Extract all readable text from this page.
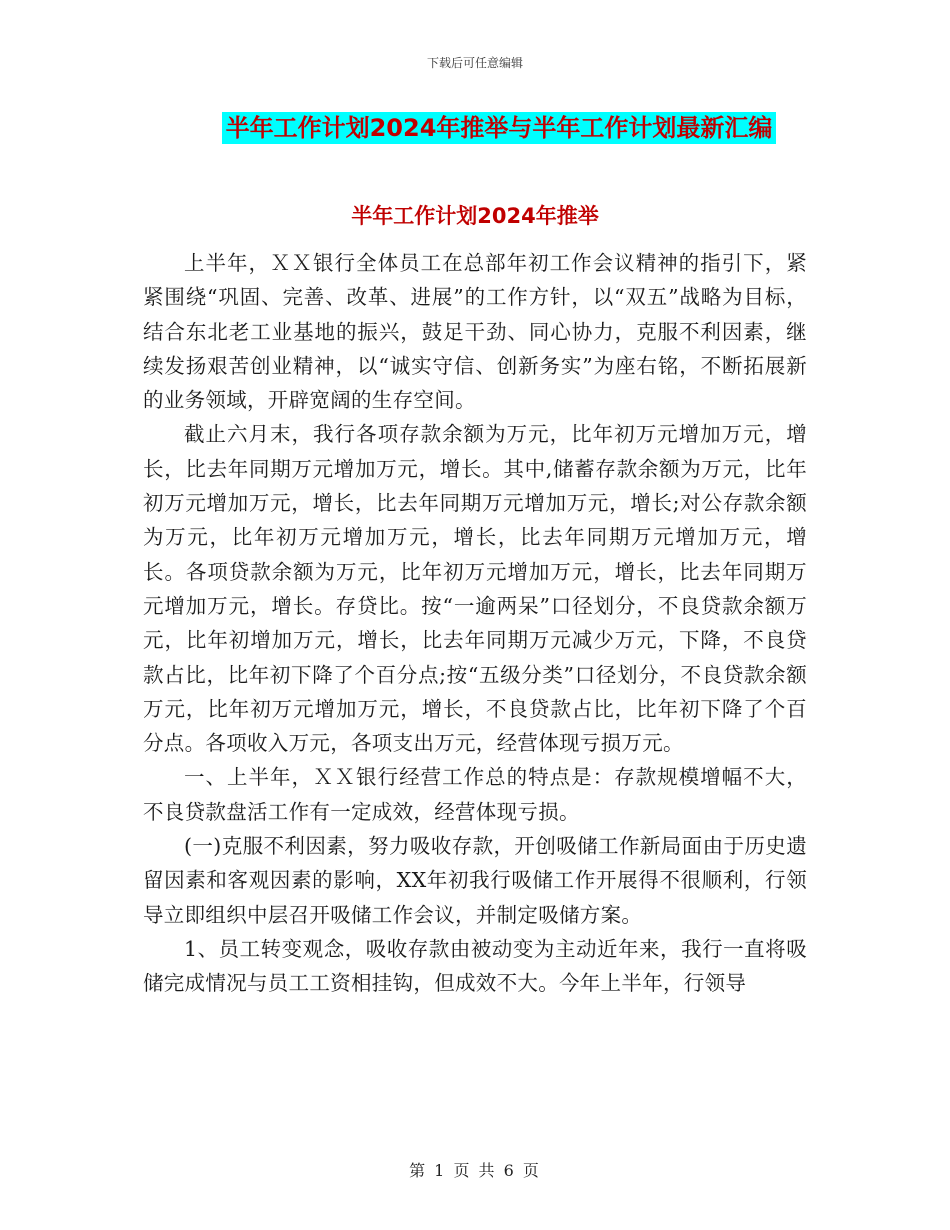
下载后可任意编辑
半年工作计划2024年推举与半年工作计划最新汇编
半年工作计划2024年推举

上半年，ＸＸ银行全体员工在总部年初工作会议精神的指引下，紧紧围绕“巩固、完善、改革、进展”的工作方针，以“双五”战略为目标，结合东北老工业基地的振兴，鼓足干劲、同心协力，克服不利因素，继续发扬艰苦创业精神，以“诚实守信、创新务实”为座右铭，不断拓展新的业务领域，开辟宽阔的生存空间。

截止六月末，我行各项存款余额为万元，比年初万元增加万元，增长，比去年同期万元增加万元，增长。其中,储蓄存款余额为万元，比年初万元增加万元，增长，比去年同期万元增加万元，增长;对公存款余额为万元，比年初万元增加万元，增长，比去年同期万元增加万元，增长。各项贷款余额为万元，比年初万元增加万元，增长，比去年同期万元增加万元，增长。存贷比。按“一逾两呆”口径划分，不良贷款余额万元，比年初增加万元，增长，比去年同期万元减少万元，下降，不良贷款占比，比年初下降了个百分点;按“五级分类”口径划分，不良贷款余额万元，比年初万元增加万元，增长，不良贷款占比，比年初下降了个百分点。各项收入万元，各项支出万元，经营体现亏损万元。

一、上半年，ＸＸ银行经营工作总的特点是：存款规模增幅不大，不良贷款盘活工作有一定成效，经营体现亏损。

(一)克服不利因素，努力吸收存款，开创吸储工作新局面由于历史遗留因素和客观因素的影响，XX年初我行吸储工作开展得不很顺利，行领导立即组织中层召开吸储工作会议，并制定吸储方案。

1、员工转变观念，吸收存款由被动变为主动近年来，我行一直将吸储完成情况与员工工资相挂钩，但成效不大。今年上半年，行领导

第 1 页 共 6 页
